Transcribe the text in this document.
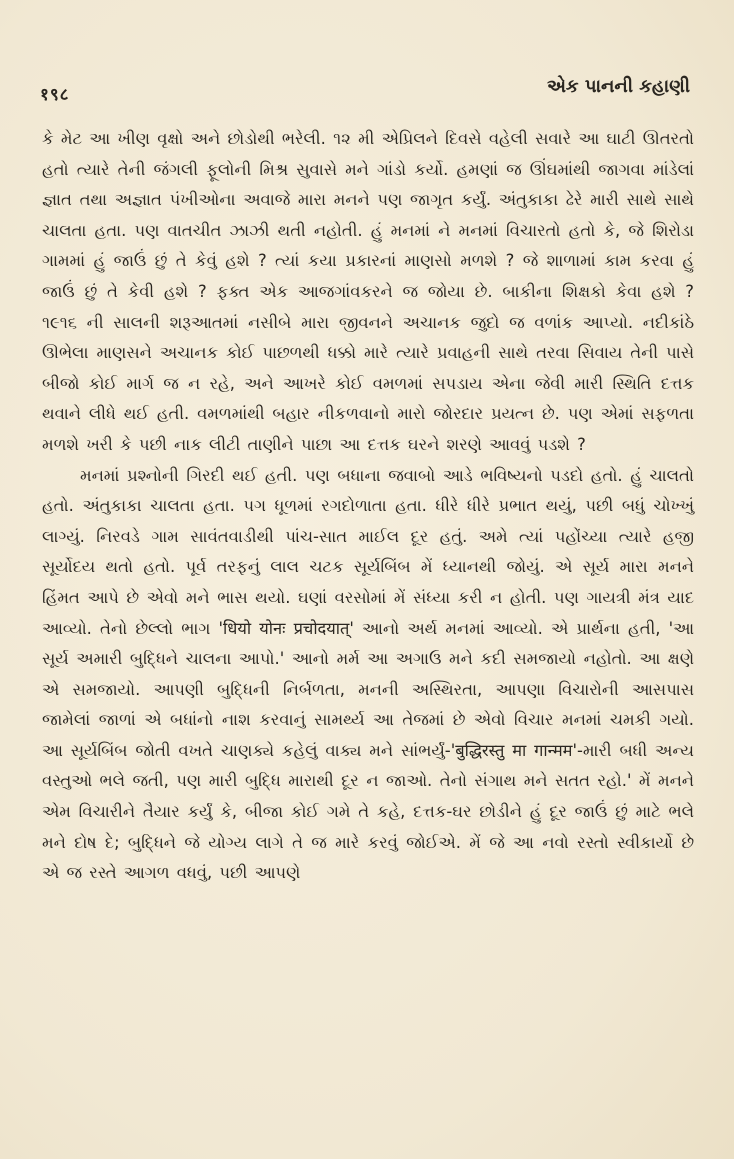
१९८	એક પાનની કહાણી

કે મેટ આ ખીણ વૃક્ષો અને છોડોથી ભરેલી. ૧૨ મી એપ્રિલને દિવસે વહેલી સવારે આ ઘાટી ઊતરતો હતો ત્યારે તેની જંગલી ફૂલોની મિશ્ર સુવાસે મને ગાંડો કર્યો. હમણાં જ ઊંઘમાંથી જાગવા માંડેલાં જ્ઞાત તથા અજ્ઞાત પંખીઓના અવાજે મારા મનને પણ જાગૃત કર્યું. અંતુકાકા ઢેરે મારી સાથે સાથે ચાલતા હતા. પણ વાતચીત ઝાઝી થતી નહોતી. હું મનમાં ને મનમાં વિચારતો હતો કે, જે શિરોડા ગામમાં હું જાઉં છું તે કેવું હશે ? ત્યાં કયા પ્રકારનાં માણસો મળશે ? જે શાળામાં કામ કરવા હું જાઉં છું તે કેવી હશે ? ફક્ત એક આજગાંવકરને જ જોયા છે. બાકીના શિક્ષકો કેવા હશે ? ૧૯૧૬ ની સાલની શરૂઆતમાં નસીબે મારા જીવનને અચાનક જુદો જ વળાંક આપ્યો. નદીકાંઠે ઊભેલા માણસને અચાનક કોઈ પાછળથી ધક્કો મારે ત્યારે પ્રવાહની સાથે તરવા સિવાય તેની પાસે બીજો કોઈ માર્ગ જ ન રહે, અને આખરે કોઈ વમળમાં સપડાય એના જેવી મારી સ્થિતિ દત્તક થવાને લીધે થઈ હતી. વમળમાંથી બહાર નીકળવાનો મારો જોરદાર પ્રયત્ન છે. પણ એમાં સફળતા મળશે ખરી કે પછી નાક લીટી તાણીને પાછા આ દત્તક ઘરને શરણે આવવું પડશે ?

મનમાં પ્રશ્નોની ગિરદી થઈ હતી. પણ બધાના જવાબો આડે ભવિષ્યનો પડદો હતો. હું ચાલતો હતો. અંતુકાકા ચાલતા હતા. પગ ધૂળમાં રગદોળાતા હતા. ધીરે ધીરે પ્રભાત થયું, પછી બધું ચોખ્ખું લાગ્યું. નિરવડે ગામ સાવંતવાડીથી પાંચ-સાત માઈલ દૂર હતું. અમે ત્યાં પહોંચ્યા ત્યારે હજી સૂર્યોદય થતો હતો. પૂર્વ તરફનું લાલ ચટક સૂર્યબિંબ મેં ધ્યાનથી જોયું. એ સૂર્ય મારા મનને હિંમત આપે છે એવો મને ભાસ થયો. ઘણાં વરસોમાં મેં સંધ્યા કરી ન હોતી. પણ ગાયત્રી મંત્ર યાદ આવ્યો. તેનો છેલ્લો ભાગ 'धियो योनः प्रचोदयात्' આનો અર્થ મનમાં આવ્યો. એ પ્રાર્થના હતી, 'આ સૂર્ય અમારી બુદ્ધિને ચાલના આપો.' આનો મર્મ આ અગાઉ મને કદી સમજાયો નહોતો. આ ક્ષણે એ સમજાયો. આપણી બુદ્ધિની નિર્બળતા, મનની અસ્થિરતા, આપણા વિચારોની આસપાસ જામેલાં જાળાં એ બધાંનો નાશ કરવાનું સામર્થ્ય આ તેજમાં છે એવો વિચાર મનમાં ચમકી ગયો. આ સૂર્યબિંબ જોતી વખતે ચાણક્યે કહેલું વાક્ય મને સાંભર્યું-'बुद्धिरस्तु मा गान्मम'-મારી બધી અન્ય વસ્તુઓ ભલે જતી, પણ મારી બુદ્ધિ મારાથી દૂર ન જાઓ. તેનો સંગાથ મને સતત રહો.' મેં મનને એમ વિચારીને તૈયાર કર્યું કે, બીજા કોઈ ગમે તે કહે, દત્તક-ઘર છોડીને હું દૂર જાઉં છું માટે ભલે મને દોષ દે; બુદ્ધિને જે યોગ્ય લાગે તે જ મારે કરવું જોઈએ. મેં જે આ નવો રસ્તો સ્વીકાર્યો છે એ જ રસ્તે આગળ વધવું, પછી આપણે
